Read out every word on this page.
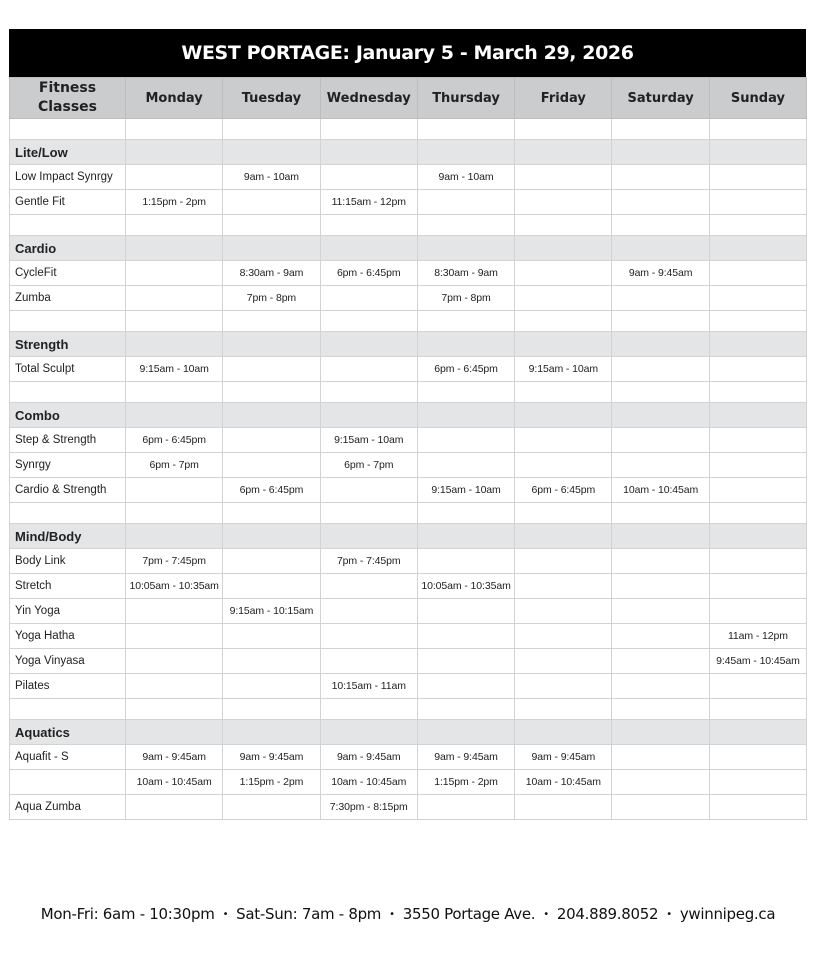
WEST PORTAGE: January 5 - March 29, 2026
Fitness
Classes	Monday	Tuesday	Wednesday	Thursday	Friday	Saturday	Sunday

Lite/Low							
Low Impact Synrgy		9am - 10am		9am - 10am			
Gentle Fit	1:15pm - 2pm		11:15am - 12pm				

Cardio							
CycleFit		8:30am - 9am	6pm - 6:45pm	8:30am - 9am		9am - 9:45am	
Zumba		7pm - 8pm		7pm - 8pm			

Strength							
Total Sculpt	9:15am - 10am			6pm - 6:45pm	9:15am - 10am		

Combo							
Step & Strength	6pm - 6:45pm		9:15am - 10am				
Synrgy	6pm - 7pm		6pm - 7pm				
Cardio & Strength		6pm - 6:45pm		9:15am - 10am	6pm - 6:45pm	10am - 10:45am	

Mind/Body							
Body Link	7pm - 7:45pm		7pm - 7:45pm				
Stretch	10:05am - 10:35am			10:05am - 10:35am			
Yin Yoga		9:15am - 10:15am					
Yoga Hatha							11am - 12pm
Yoga Vinyasa							9:45am - 10:45am
Pilates			10:15am - 11am				

Aquatics							
Aquafit - S	9am - 9:45am	9am - 9:45am	9am - 9:45am	9am - 9:45am	9am - 9:45am		
	10am - 10:45am	1:15pm - 2pm	10am - 10:45am	1:15pm - 2pm	10am - 10:45am		
Aqua Zumba			7:30pm - 8:15pm				
Mon-Fri: 6am - 10:30pm • Sat-Sun: 7am - 8pm • 3550 Portage Ave. • 204.889.8052 • ywinnipeg.ca
